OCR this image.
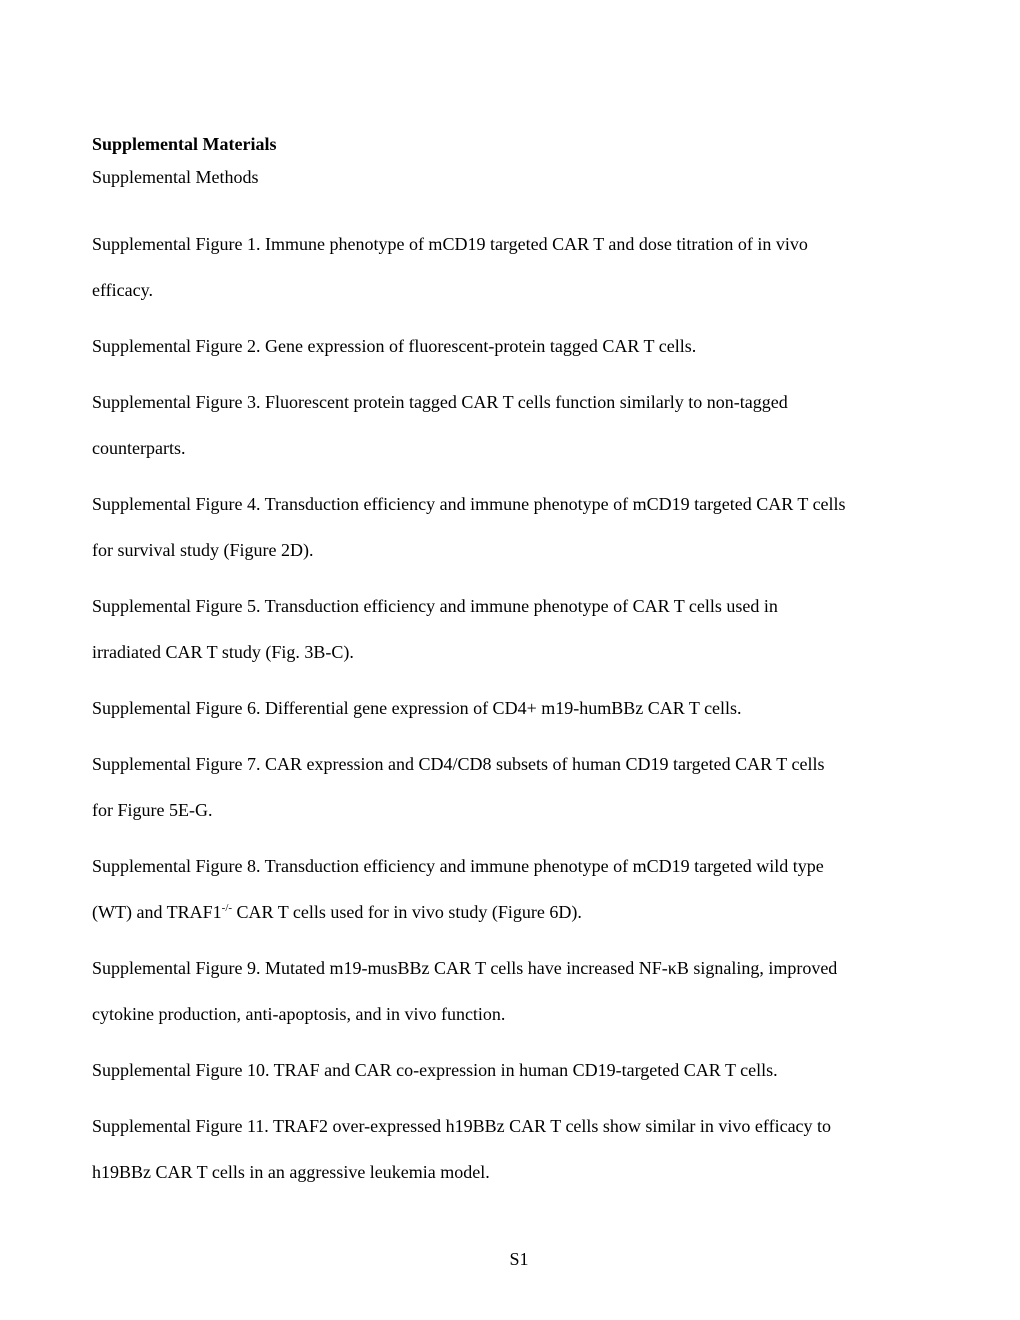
Supplemental Materials
Supplemental Methods
Supplemental Figure 1. Immune phenotype of mCD19 targeted CAR T and dose titration of in vivo
efficacy.
Supplemental Figure 2. Gene expression of fluorescent-protein tagged CAR T cells.
Supplemental Figure 3. Fluorescent protein tagged CAR T cells function similarly to non-tagged
counterparts.
Supplemental Figure 4. Transduction efficiency and immune phenotype of mCD19 targeted CAR T cells
for survival study (Figure 2D).
Supplemental Figure 5. Transduction efficiency and immune phenotype of CAR T cells used in
irradiated CAR T study (Fig. 3B-C).
Supplemental Figure 6. Differential gene expression of CD4+ m19-humBBz CAR T cells.
Supplemental Figure 7. CAR expression and CD4/CD8 subsets of human CD19 targeted CAR T cells
for Figure 5E-G.
Supplemental Figure 8. Transduction efficiency and immune phenotype of mCD19 targeted wild type
(WT) and TRAF1-/- CAR T cells used for in vivo study (Figure 6D).
Supplemental Figure 9. Mutated m19-musBBz CAR T cells have increased NF-κB signaling, improved
cytokine production, anti-apoptosis, and in vivo function.
Supplemental Figure 10. TRAF and CAR co-expression in human CD19-targeted CAR T cells.
Supplemental Figure 11. TRAF2 over-expressed h19BBz CAR T cells show similar in vivo efficacy to
h19BBz CAR T cells in an aggressive leukemia model.
S1
